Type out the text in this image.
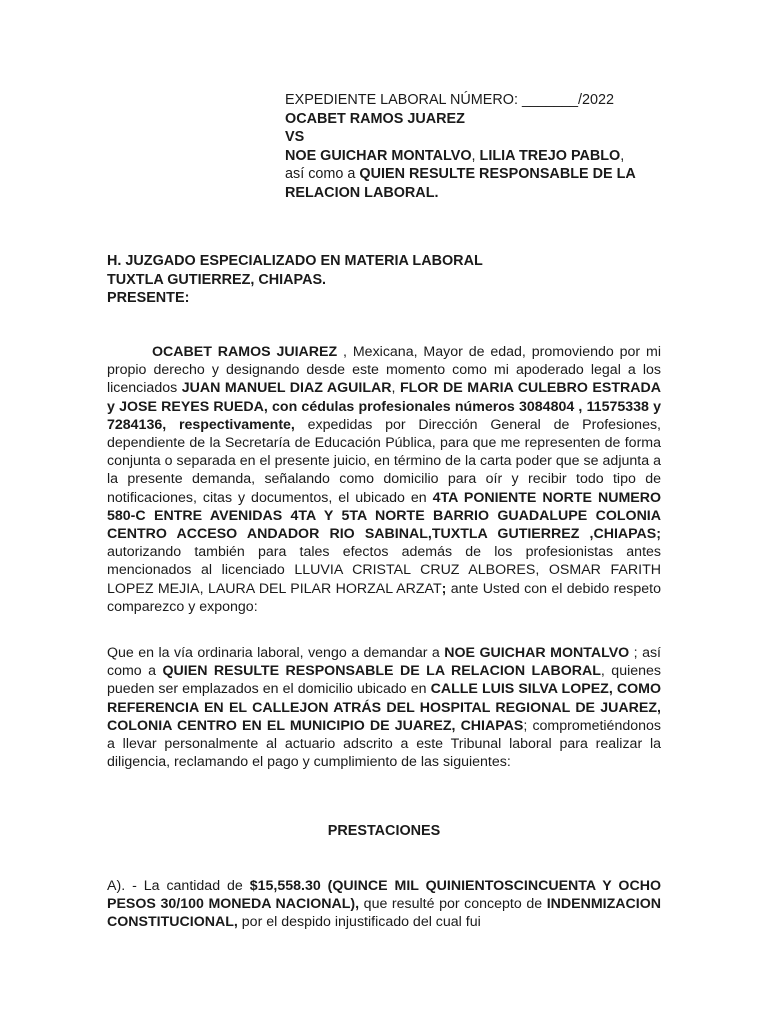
EXPEDIENTE LABORAL NÚMERO: _______/2022
OCABET RAMOS JUAREZ
VS
NOE GUICHAR MONTALVO, LILIA TREJO PABLO,
así como a QUIEN RESULTE RESPONSABLE DE LA
RELACION LABORAL.
H. JUZGADO ESPECIALIZADO EN MATERIA LABORAL
TUXTLA GUTIERREZ, CHIAPAS.
PRESENTE:
OCABET RAMOS JUIAREZ , Mexicana, Mayor de edad, promoviendo por mi propio derecho y designando desde este momento como mi apoderado legal a los licenciados JUAN MANUEL DIAZ AGUILAR, FLOR DE MARIA CULEBRO ESTRADA y JOSE REYES RUEDA, con cédulas profesionales números 3084804 , 11575338 y 7284136, respectivamente, expedidas por Dirección General de Profesiones, dependiente de la Secretaría de Educación Pública, para que me representen de forma conjunta o separada en el presente juicio, en término de la carta poder que se adjunta a la presente demanda, señalando como domicilio para oír y recibir todo tipo de notificaciones, citas y documentos, el ubicado en 4TA PONIENTE NORTE NUMERO 580-C ENTRE AVENIDAS 4TA Y 5TA NORTE BARRIO GUADALUPE COLONIA CENTRO ACCESO ANDADOR RIO SABINAL,TUXTLA GUTIERREZ ,CHIAPAS; autorizando también para tales efectos además de los profesionistas antes mencionados al licenciado LLUVIA CRISTAL CRUZ ALBORES, OSMAR FARITH LOPEZ MEJIA, LAURA DEL PILAR HORZAL ARZAT; ante Usted con el debido respeto comparezco y expongo:
Que en la vía ordinaria laboral, vengo a demandar a NOE GUICHAR MONTALVO ; así como a QUIEN RESULTE RESPONSABLE DE LA RELACION LABORAL, quienes pueden ser emplazados en el domicilio ubicado en CALLE LUIS SILVA LOPEZ, COMO REFERENCIA EN EL CALLEJON ATRÁS DEL HOSPITAL REGIONAL DE JUAREZ, COLONIA CENTRO EN EL MUNICIPIO DE JUAREZ, CHIAPAS; comprometiéndonos a llevar personalmente al actuario adscrito a este Tribunal laboral para realizar la diligencia, reclamando el pago y cumplimiento de las siguientes:
PRESTACIONES
A). - La cantidad de $15,558.30 (QUINCE MIL QUINIENTOSCINCUENTA Y OCHO PESOS 30/100 MONEDA NACIONAL), que resulté por concepto de INDENMIZACION CONSTITUCIONAL, por el despido injustificado del cual fui
